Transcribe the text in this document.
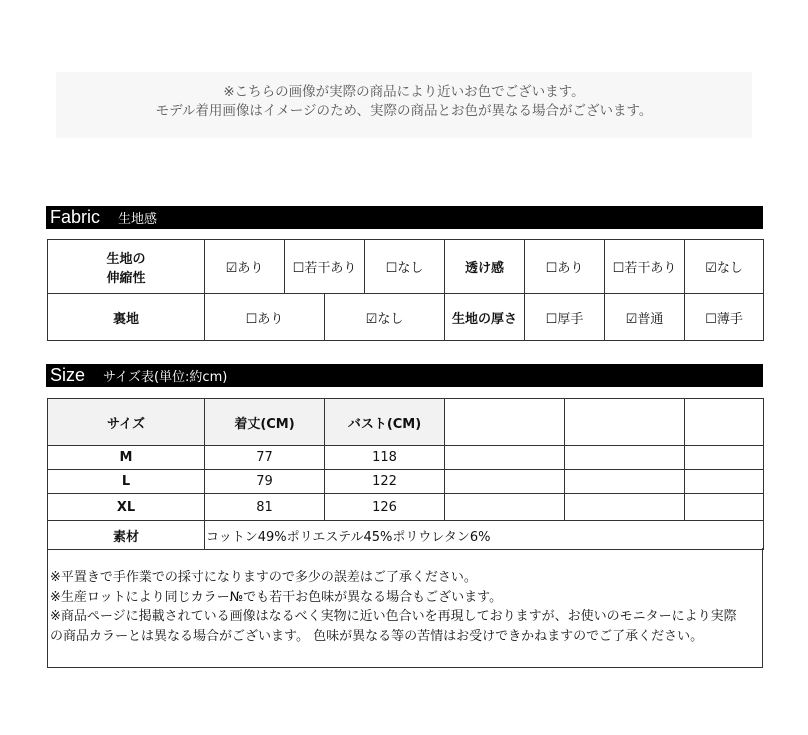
※こちらの画像が実際の商品により近いお色でございます。
モデル着用画像はイメージのため、実際の商品とお色が異なる場合がございます。
Fabric 生地感
生地の
伸縮性	☑あり	☐若干あり		☐なし	透け感	☐あり	☐若干あり	☑なし
裏地	☐あり		☑なし		生地の厚さ	☐厚手	☑普通	☐薄手
Size サイズ表(単位:約cm)
サイズ	着丈(CM)	バスト(CM)			
M	77	118			
L	79	122			
XL	81	126			
素材	コットン49%ポリエステル45%ポリウレタン6%				
※平置きで手作業での採寸になりますので多少の誤差はご了承ください。
※生産ロットにより同じカラー№でも若干お色味が異なる場合もございます。
※商品ページに掲載されている画像はなるべく実物に近い色合いを再現しておりますが、お使いのモニターにより実際
の商品カラーとは異なる場合がございます。 色味が異なる等の苦情はお受けできかねますのでご了承ください。
